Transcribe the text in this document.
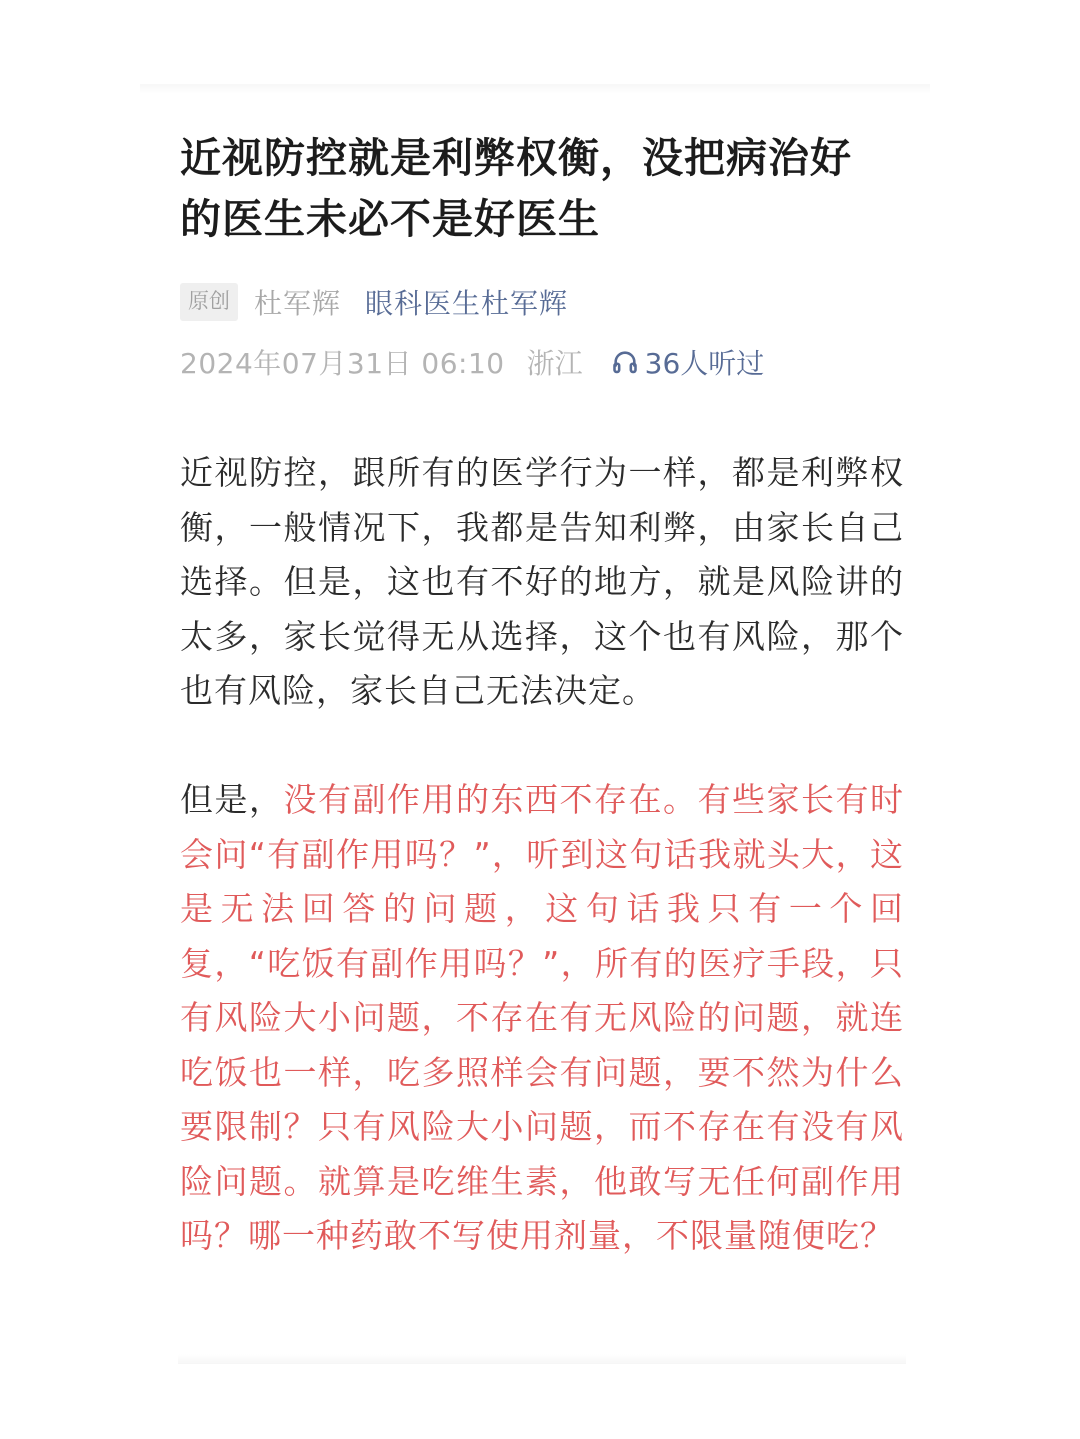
近视防控就是利弊权衡，没把病治好的医生未必不是好医生
原创 杜军辉 眼科医生杜军辉
2024年07月31日 06:10 浙江 36人听过

近视防控，跟所有的医学行为一样，都是利弊权衡，一般情况下，我都是告知利弊，由家长自己选择。但是，这也有不好的地方，就是风险讲的太多，家长觉得无从选择，这个也有风险，那个也有风险，家长自己无法决定。

但是，没有副作用的东西不存在。有些家长有时会问“有副作用吗？”，听到这句话我就头大，这是无法回答的问题，这句话我只有一个回复，“吃饭有副作用吗？”，所有的医疗手段，只有风险大小问题，不存在有无风险的问题，就连吃饭也一样，吃多照样会有问题，要不然为什么要限制？只有风险大小问题，而不存在有没有风险问题。就算是吃维生素，他敢写无任何副作用吗？哪一种药敢不写使用剂量，不限量随便吃？
